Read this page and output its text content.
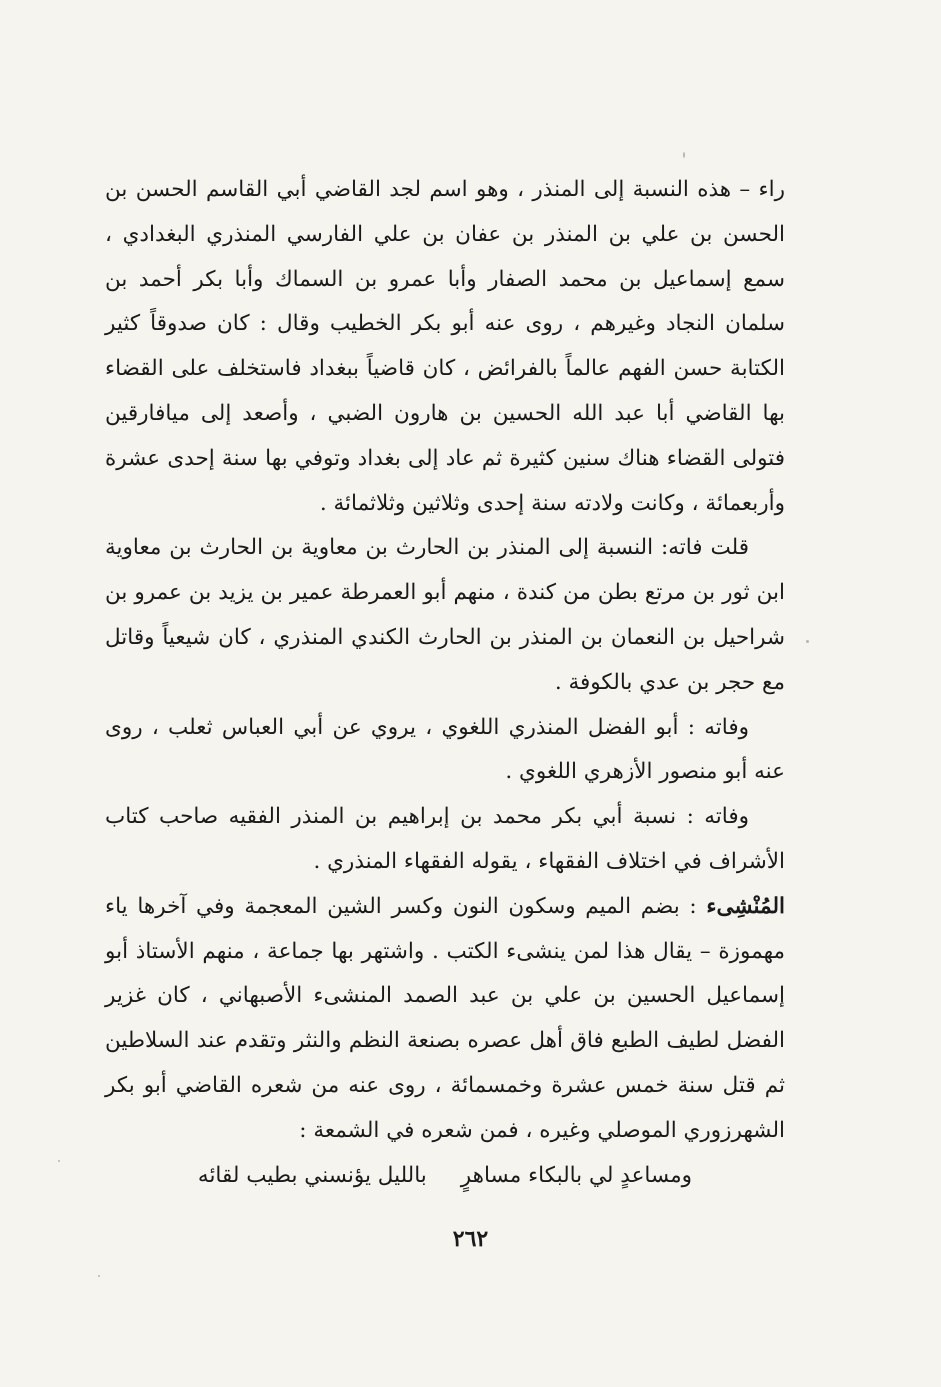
راء – هذه النسبة إلى المنذر ، وهو اسم لجد القاضي أبي القاسم الحسن بن الحسن بن علي بن المنذر بن عفان بن علي الفارسي المنذري البغدادي ، سمع إسماعيل بن محمد الصفار وأبا عمرو بن السماك وأبا بكر أحمد بن سلمان النجاد وغيرهم ، روى عنه أبو بكر الخطيب وقال : كان صدوقاً كثير الكتابة حسن الفهم عالماً بالفرائض ، كان قاضياً ببغداد فاستخلف على القضاء بها القاضي أبا عبد الله الحسين بن هارون الضبي ، وأصعد إلى ميافارقين فتولى القضاء هناك سنين كثيرة ثم عاد إلى بغداد وتوفي بها سنة إحدى عشرة وأربعمائة ، وكانت ولادته سنة إحدى وثلاثين وثلاثمائة .

قلت فاته: النسبة إلى المنذر بن الحارث بن معاوية بن الحارث بن معاوية ابن ثور بن مرتع بطن من كندة ، منهم أبو العمرطة عمير بن يزيد بن عمرو بن شراحيل بن النعمان بن المنذر بن الحارث الكندي المنذري ، كان شيعياً وقاتل مع حجر بن عدي بالكوفة .

وفاته : أبو الفضل المنذري اللغوي ، يروي عن أبي العباس ثعلب ، روى عنه أبو منصور الأزهري اللغوي .

وفاته : نسبة أبي بكر محمد بن إبراهيم بن المنذر الفقيه صاحب كتاب الأشراف في اختلاف الفقهاء ، يقوله الفقهاء المنذري .

المُنْشِىء : بضم الميم وسكون النون وكسر الشين المعجمة وفي آخرها ياء مهموزة – يقال هذا لمن ينشىء الكتب . واشتهر بها جماعة ، منهم الأستاذ أبو إسماعيل الحسين بن علي بن عبد الصمد المنشىء الأصبهاني ، كان غزير الفضل لطيف الطبع فاق أهل عصره بصنعة النظم والنثر وتقدم عند السلاطين ثم قتل سنة خمس عشرة وخمسمائة ، روى عنه من شعره القاضي أبو بكر الشهرزوري الموصلي وغيره ، فمن شعره في الشمعة :

ومساعدٍ لي بالبكاء مساهرٍبالليل يؤنسني بطيب لقائه

٢٦٢
